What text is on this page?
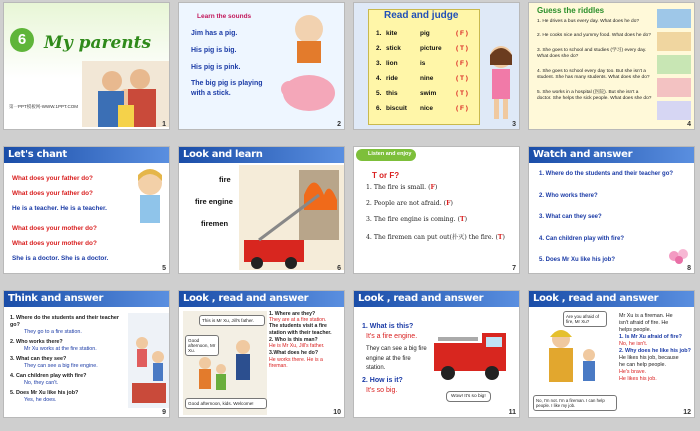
6	My parents
第一PPT模板网-WWW.1PPT.COM
1
Learn the sounds
Jim has a pig.
His pig is big.
His pig is pink.
The big pig is playing
with a stick.
2
Read and judge
1. kite	pig	( F )
2. stick	picture	( T )
3. lion	is	( F )
4. ride	nine	( T )
5. this	swim	( T )
6. biscuit	nice	( F )
3
Guess the riddles
1. He drives a bus every day. What does he do?
2. He cooks nice and yummy food. What does he do?
3. She goes to school and studies (学习) every day. What does she do?
4. She goes to school every day too. But she isn't a student. She has many students. What does she do?
5. She works in a hospital (医院). But she isn't a doctor. She helps the sick people. What does she do?
4
Let's chant
What does your father do?
What does your father do?
He is a teacher. He is a teacher.
What does your mother do?
What does your mother do?
She is a doctor. She is a doctor.
5
Look and learn
fire
fire engine
firemen
6
Listen and enjoy
T or F?
1. The fire is small. (F)
2. People are not afraid. (F)
3. The fire engine is coming. (T)
4. The firemen can put out(扑灭) the fire. (T)
7
Watch and answer
1. Where do the students and their teacher go?
2. Who works there?
3. What can they see?
4. Can children play with fire?
5. Does Mr Xu like his job?
8
Think and answer
1. Where do the students and their teacher go?
They go to a fire station.
2. Who works there?
Mr Xu works at the fire station.
3. What can they see?
They can see a big fire engine.
4. Can children play with fire?
No, they can't.
5. Does Mr Xu like his job?
Yes, he does.
9
Look , read and answer
This is Mr Xu, Jill's father.
Good afternoon, Mr Xu.
Good afternoon, kids. Welcome!
1. Where are they?
They are at a fire station.
The students visit a fire station with their teacher.
2. Who is this man?
He is Mr Xu, Jill's father.
3.What does he do?
He works there. He is a fireman.
10
Look , read and answer
1. What is this?
It's a fire engine.
They can see a big fire engine at the fire station.
2. How is it?
It's so big.
Wow! It's so big!
11
Look , read and answer
Are you afraid of fire, Mr Xu?
No, I'm not. I'm a fireman. I can help people. I like my job.
Mr Xu is a fireman. He
isn't afraid of fire. He
helps people.
1. Is Mr Xu afraid of fire?
No, he isn't.
2. Why does he like his job?
He likes his job, because
he can help people.
He's brave.
He likes his job.
12
